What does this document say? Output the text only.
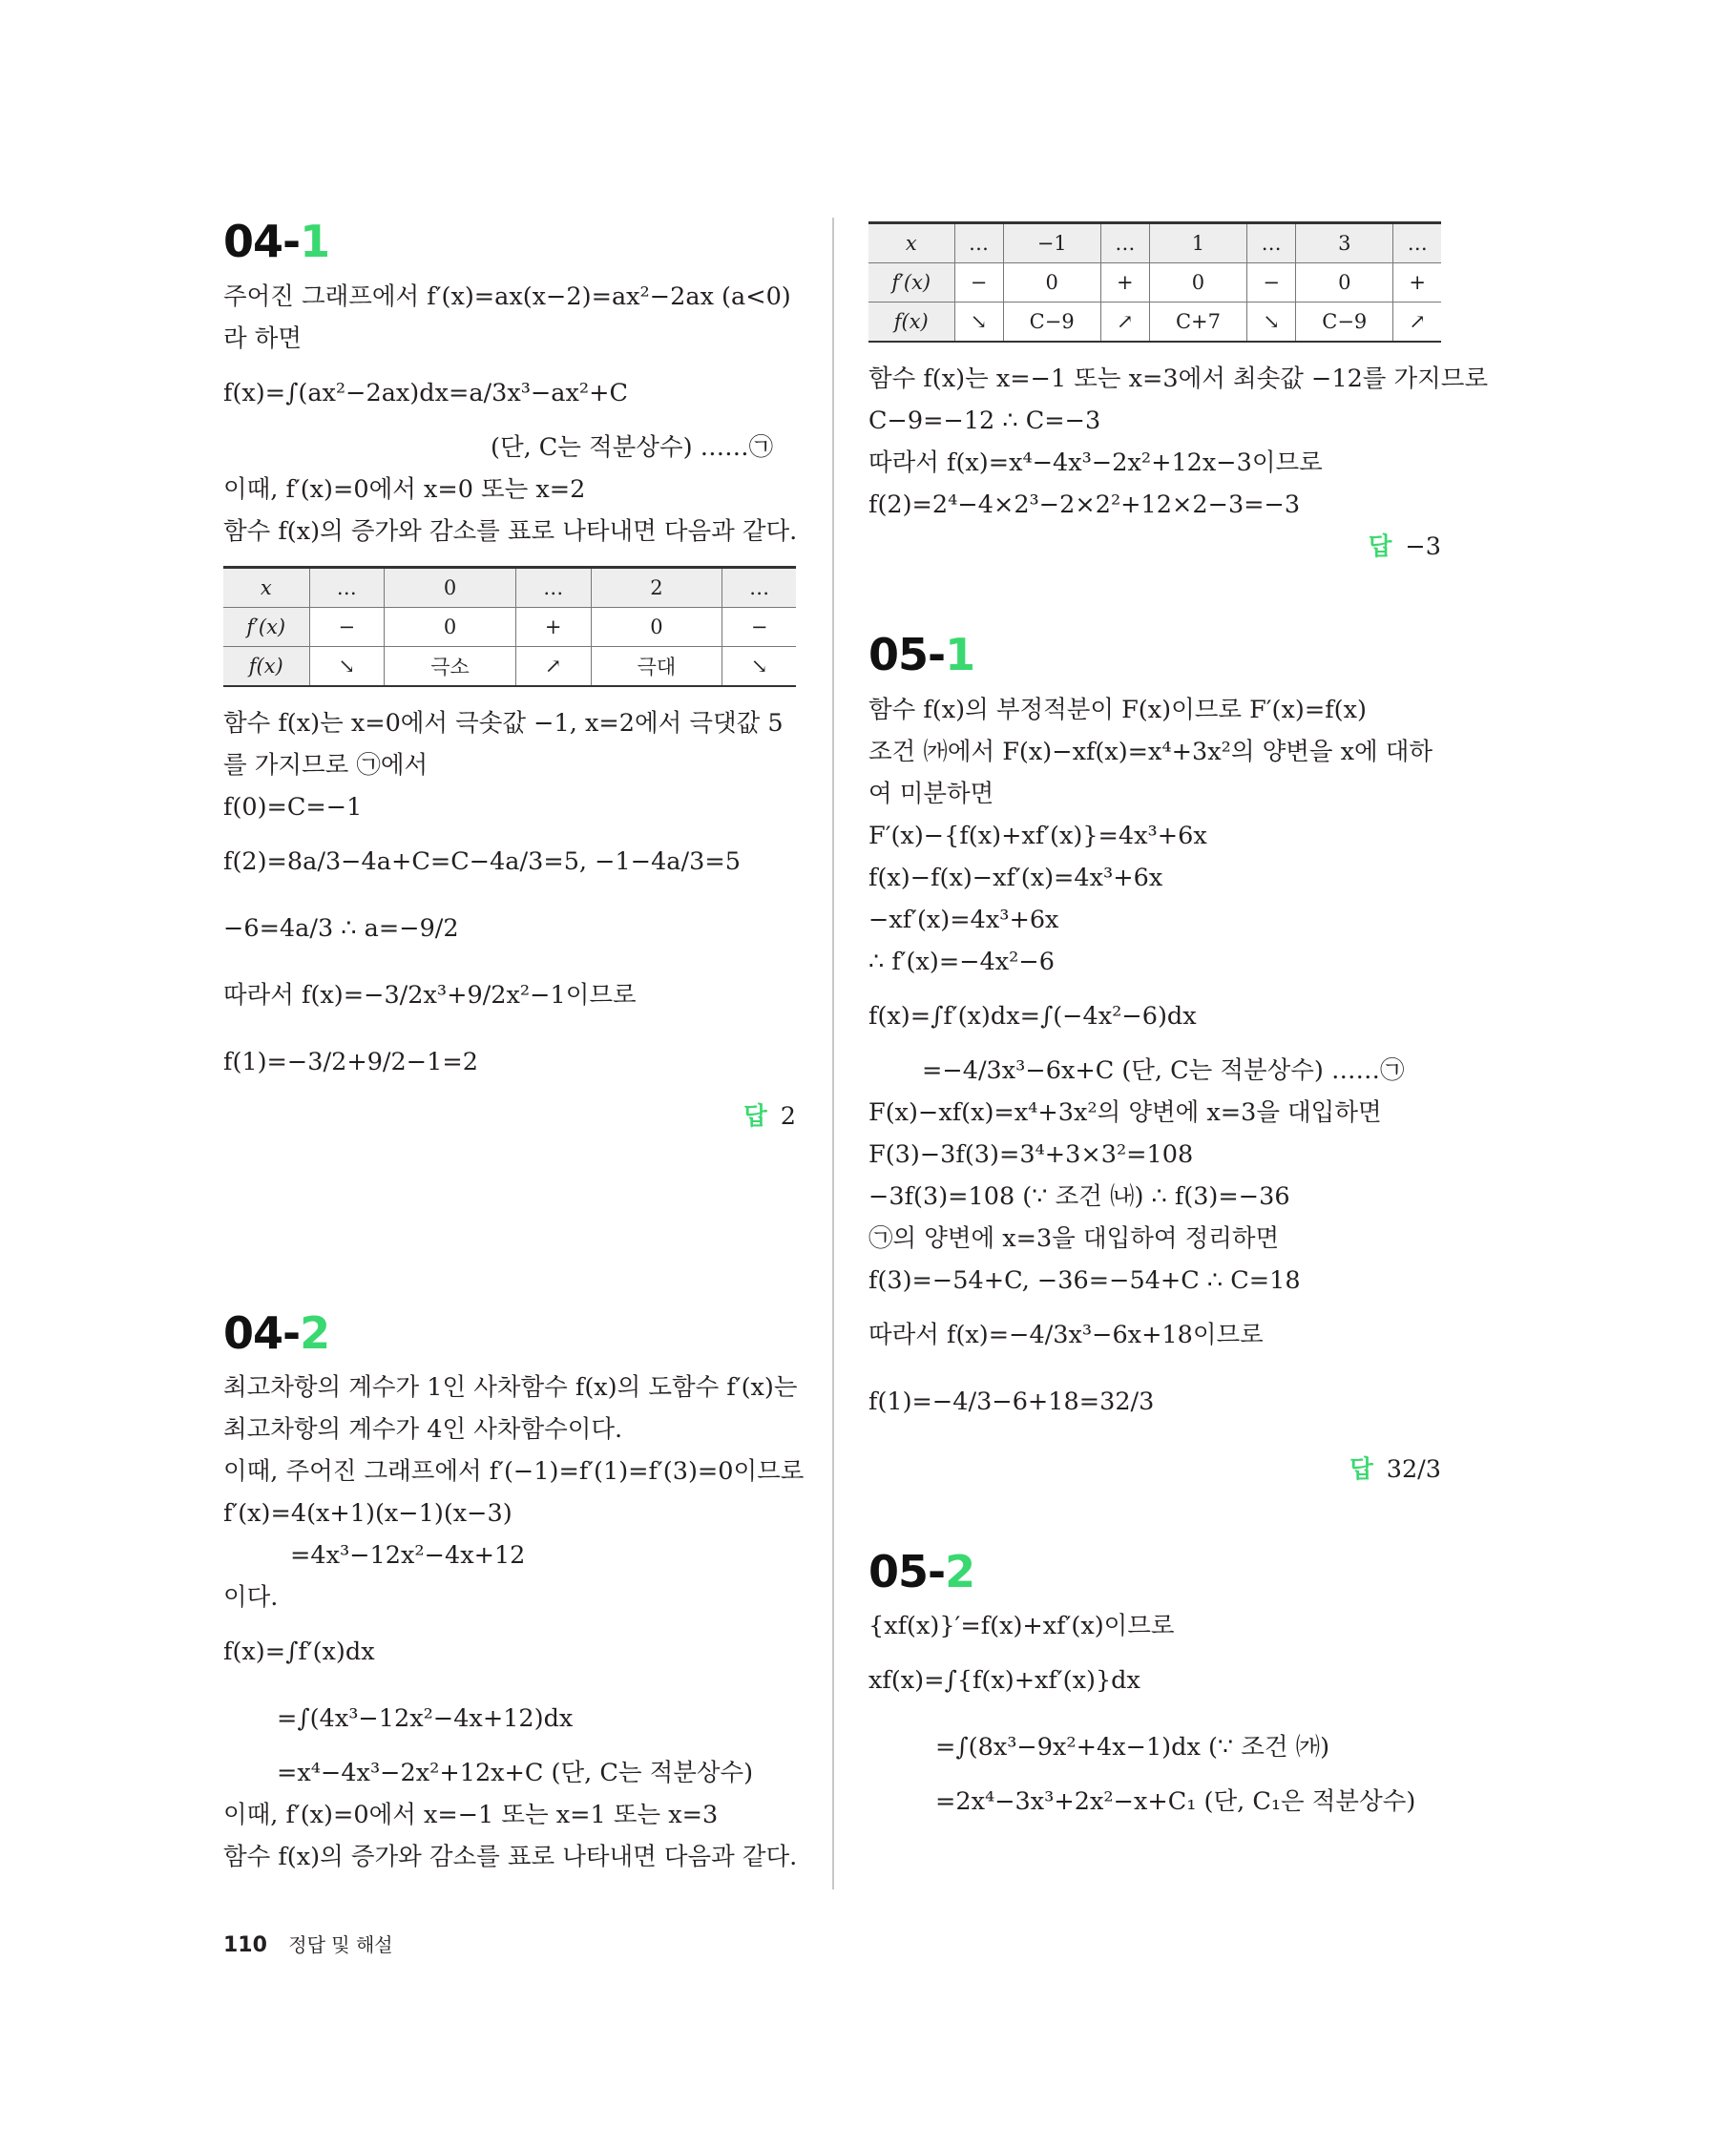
04-1

주어진 그래프에서 f′(x)=ax(x−2)=ax²−2ax (a<0)

라 하면

f(x)=∫(ax²−2ax)dx=a/3x³−ax²+C

(단, C는 적분상수) ……㉠

이때, f′(x)=0에서 x=0 또는 x=2

함수 f(x)의 증가와 감소를 표로 나타내면 다음과 같다.

x	…	0	…	2	…
f′(x)	−	0	+	0	−
f(x)	↘	극소	↗	극대	↘

함수 f(x)는 x=0에서 극솟값 −1, x=2에서 극댓값 5

를 가지므로 ㉠에서

f(0)=C=−1

f(2)=8a/3−4a+C=C−4a/3=5, −1−4a/3=5

−6=4a/3 ∴ a=−9/2

따라서 f(x)=−3/2x³+9/2x²−1이므로

f(1)=−3/2+9/2−1=2

답 2
04-2

최고차항의 계수가 1인 사차함수 f(x)의 도함수 f′(x)는

최고차항의 계수가 4인 사차함수이다.

이때, 주어진 그래프에서 f′(−1)=f′(1)=f′(3)=0이므로

f′(x)=4(x+1)(x−1)(x−3)

=4x³−12x²−4x+12

이다.

f(x)=∫f′(x)dx

=∫(4x³−12x²−4x+12)dx

=x⁴−4x³−2x²+12x+C (단, C는 적분상수)

이때, f′(x)=0에서 x=−1 또는 x=1 또는 x=3

함수 f(x)의 증가와 감소를 표로 나타내면 다음과 같다.

x	…	−1	…	1	…	3	…
f′(x)	−	0	+	0	−	0	+
f(x)	↘	C−9	↗	C+7	↘	C−9	↗

함수 f(x)는 x=−1 또는 x=3에서 최솟값 −12를 가지므로

C−9=−12 ∴ C=−3

따라서 f(x)=x⁴−4x³−2x²+12x−3이므로

f(2)=2⁴−4×2³−2×2²+12×2−3=−3

답 −3
05-1

함수 f(x)의 부정적분이 F(x)이므로 F′(x)=f(x)

조건 ㈎에서 F(x)−xf(x)=x⁴+3x²의 양변을 x에 대하

여 미분하면

F′(x)−{f(x)+xf′(x)}=4x³+6x

f(x)−f(x)−xf′(x)=4x³+6x

−xf′(x)=4x³+6x

∴ f′(x)=−4x²−6

f(x)=∫f′(x)dx=∫(−4x²−6)dx

=−4/3x³−6x+C (단, C는 적분상수) ……㉠

F(x)−xf(x)=x⁴+3x²의 양변에 x=3을 대입하면

F(3)−3f(3)=3⁴+3×3²=108

−3f(3)=108 (∵ 조건 ㈏) ∴ f(3)=−36

㉠의 양변에 x=3을 대입하여 정리하면

f(3)=−54+C, −36=−54+C ∴ C=18

따라서 f(x)=−4/3x³−6x+18이므로

f(1)=−4/3−6+18=32/3

답 32/3
05-2

{xf(x)}′=f(x)+xf′(x)이므로

xf(x)=∫{f(x)+xf′(x)}dx

=∫(8x³−9x²+4x−1)dx (∵ 조건 ㈎)

=2x⁴−3x³+2x²−x+C₁ (단, C₁은 적분상수)

110 정답 및 해설
